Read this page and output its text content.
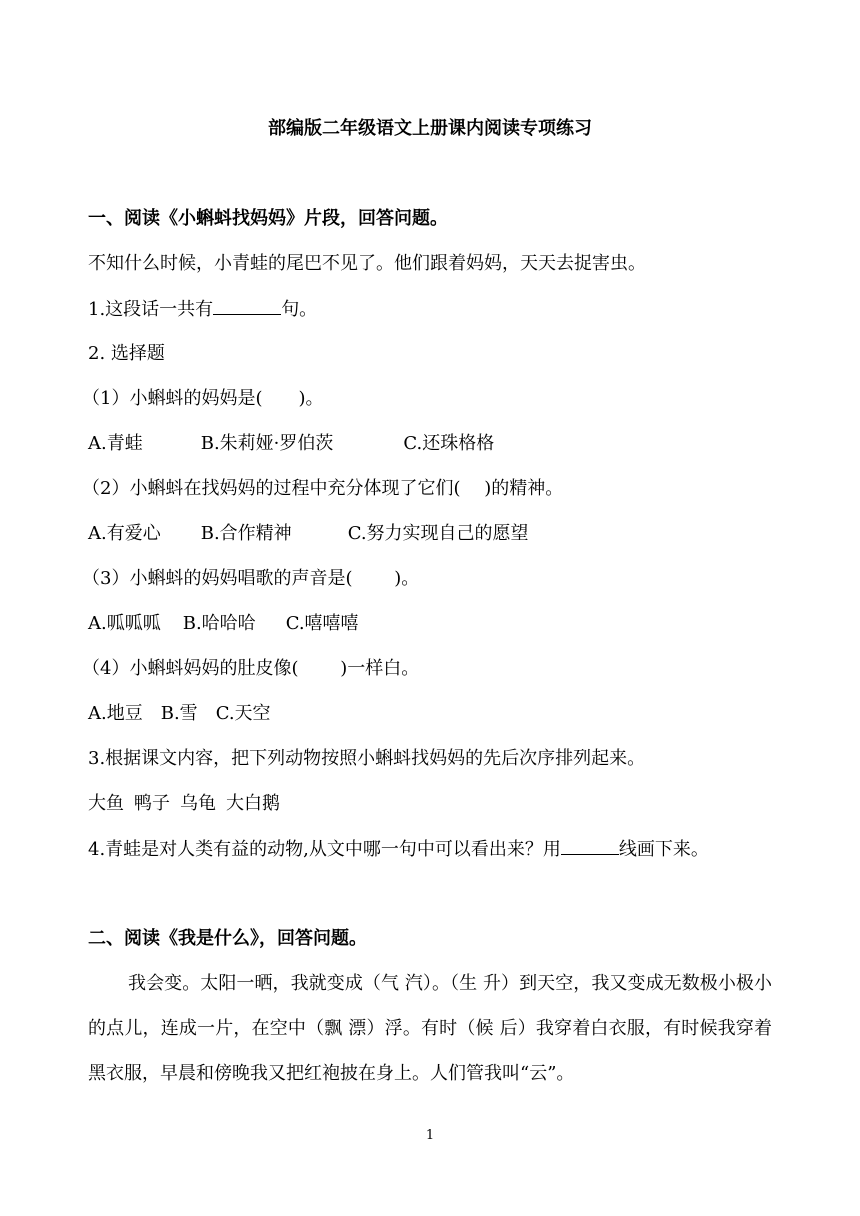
部编版二年级语文上册课内阅读专项练习
一、阅读《小蝌蚪找妈妈》片段，回答问题。
不知什么时候，小青蛙的尾巴不见了。他们跟着妈妈，天天去捉害虫。
1.这段话一共有	句。
2. 选择题
（1）小蝌蚪的妈妈是(　　)。
A.青蛙	B.朱莉娅·罗伯茨	C.还珠格格
（2）小蝌蚪在找妈妈的过程中充分体现了它们(　 )的精神。
A.有爱心 B.合作精神	C.努力实现自己的愿望
（3）小蝌蚪的妈妈唱歌的声音是(　　 )。
A.呱呱呱 B.哈哈哈 C.嘻嘻嘻
（4）小蝌蚪妈妈的肚皮像(　　 )一样白。
A.地豆 B.雪 C.天空
3.根据课文内容，把下列动物按照小蝌蚪找妈妈的先后次序排列起来。
大鱼 鸭子 乌龟 大白鹅
4.青蛙是对人类有益的动物,从文中哪一句中可以看出来？用	线画下来。
二、阅读《我是什么》，回答问题。
我会变。太阳一晒，我就变成（气 汽）。（生 升）到天空，我又变成无数极小极小的点儿，连成一片，在空中（飘 漂）浮。有时（候 后）我穿着白衣服，有时候我穿着黑衣服，早晨和傍晚我又把红袍披在身上。人们管我叫“云”。
1
